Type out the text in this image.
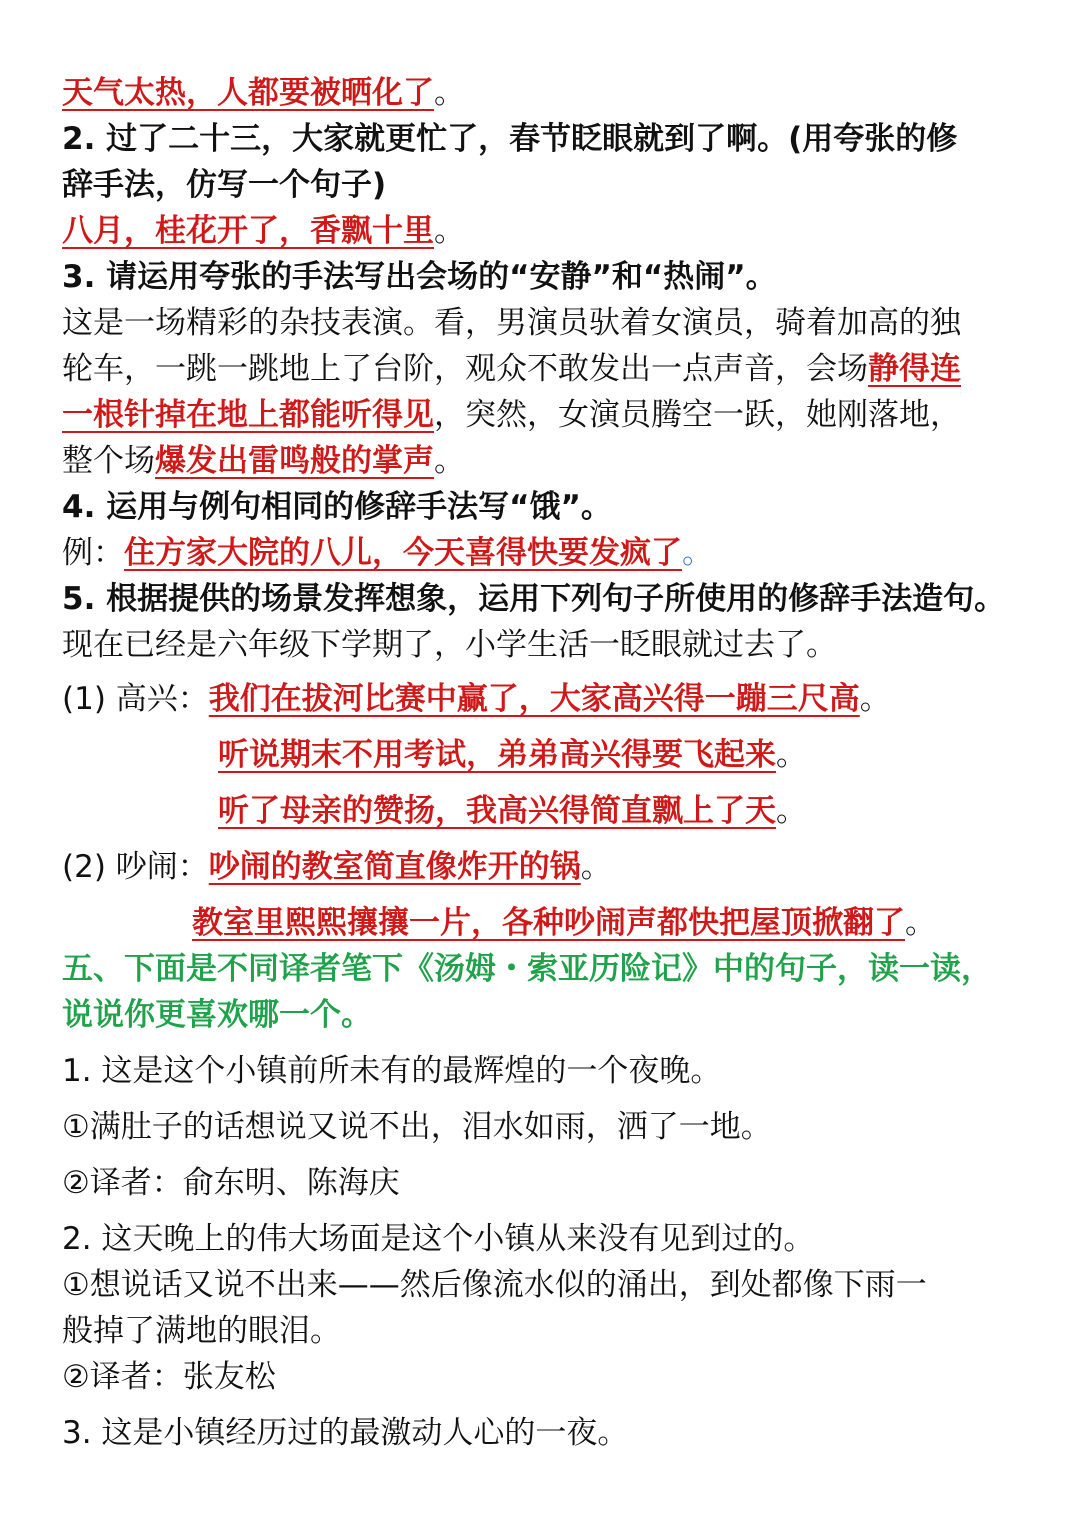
天气太热，人都要被晒化了。

2. 过了二十三，大家就更忙了，春节眨眼就到了啊。(用夸张的修

辞手法，仿写一个句子)

八月，桂花开了，香飘十里。

3. 请运用夸张的手法写出会场的“安静”和“热闹”。

这是一场精彩的杂技表演。看，男演员驮着女演员，骑着加高的独

轮车，一跳一跳地上了台阶，观众不敢发出一点声音，会场静得连

一根针掉在地上都能听得见，突然，女演员腾空一跃，她刚落地，

整个场爆发出雷鸣般的掌声。

4. 运用与例句相同的修辞手法写“饿”。

例：住方家大院的八儿，今天喜得快要发疯了。

5. 根据提供的场景发挥想象，运用下列句子所使用的修辞手法造句。

现在已经是六年级下学期了，小学生活一眨眼就过去了。

(1) 高兴：我们在拔河比赛中赢了，大家高兴得一蹦三尺高。

听说期末不用考试，弟弟高兴得要飞起来。

听了母亲的赞扬，我高兴得简直飘上了天。

(2) 吵闹：吵闹的教室简直像炸开的锅。

教室里熙熙攘攘一片，各种吵闹声都快把屋顶掀翻了。

五、下面是不同译者笔下《汤姆・索亚历险记》中的句子，读一读，

说说你更喜欢哪一个。

1. 这是这个小镇前所未有的最辉煌的一个夜晚。

①满肚子的话想说又说不出，泪水如雨，洒了一地。

②译者：俞东明、陈海庆

2. 这天晚上的伟大场面是这个小镇从来没有见到过的。

①想说话又说不出来——然后像流水似的涌出，到处都像下雨一

般掉了满地的眼泪。

②译者：张友松

3. 这是小镇经历过的最激动人心的一夜。
